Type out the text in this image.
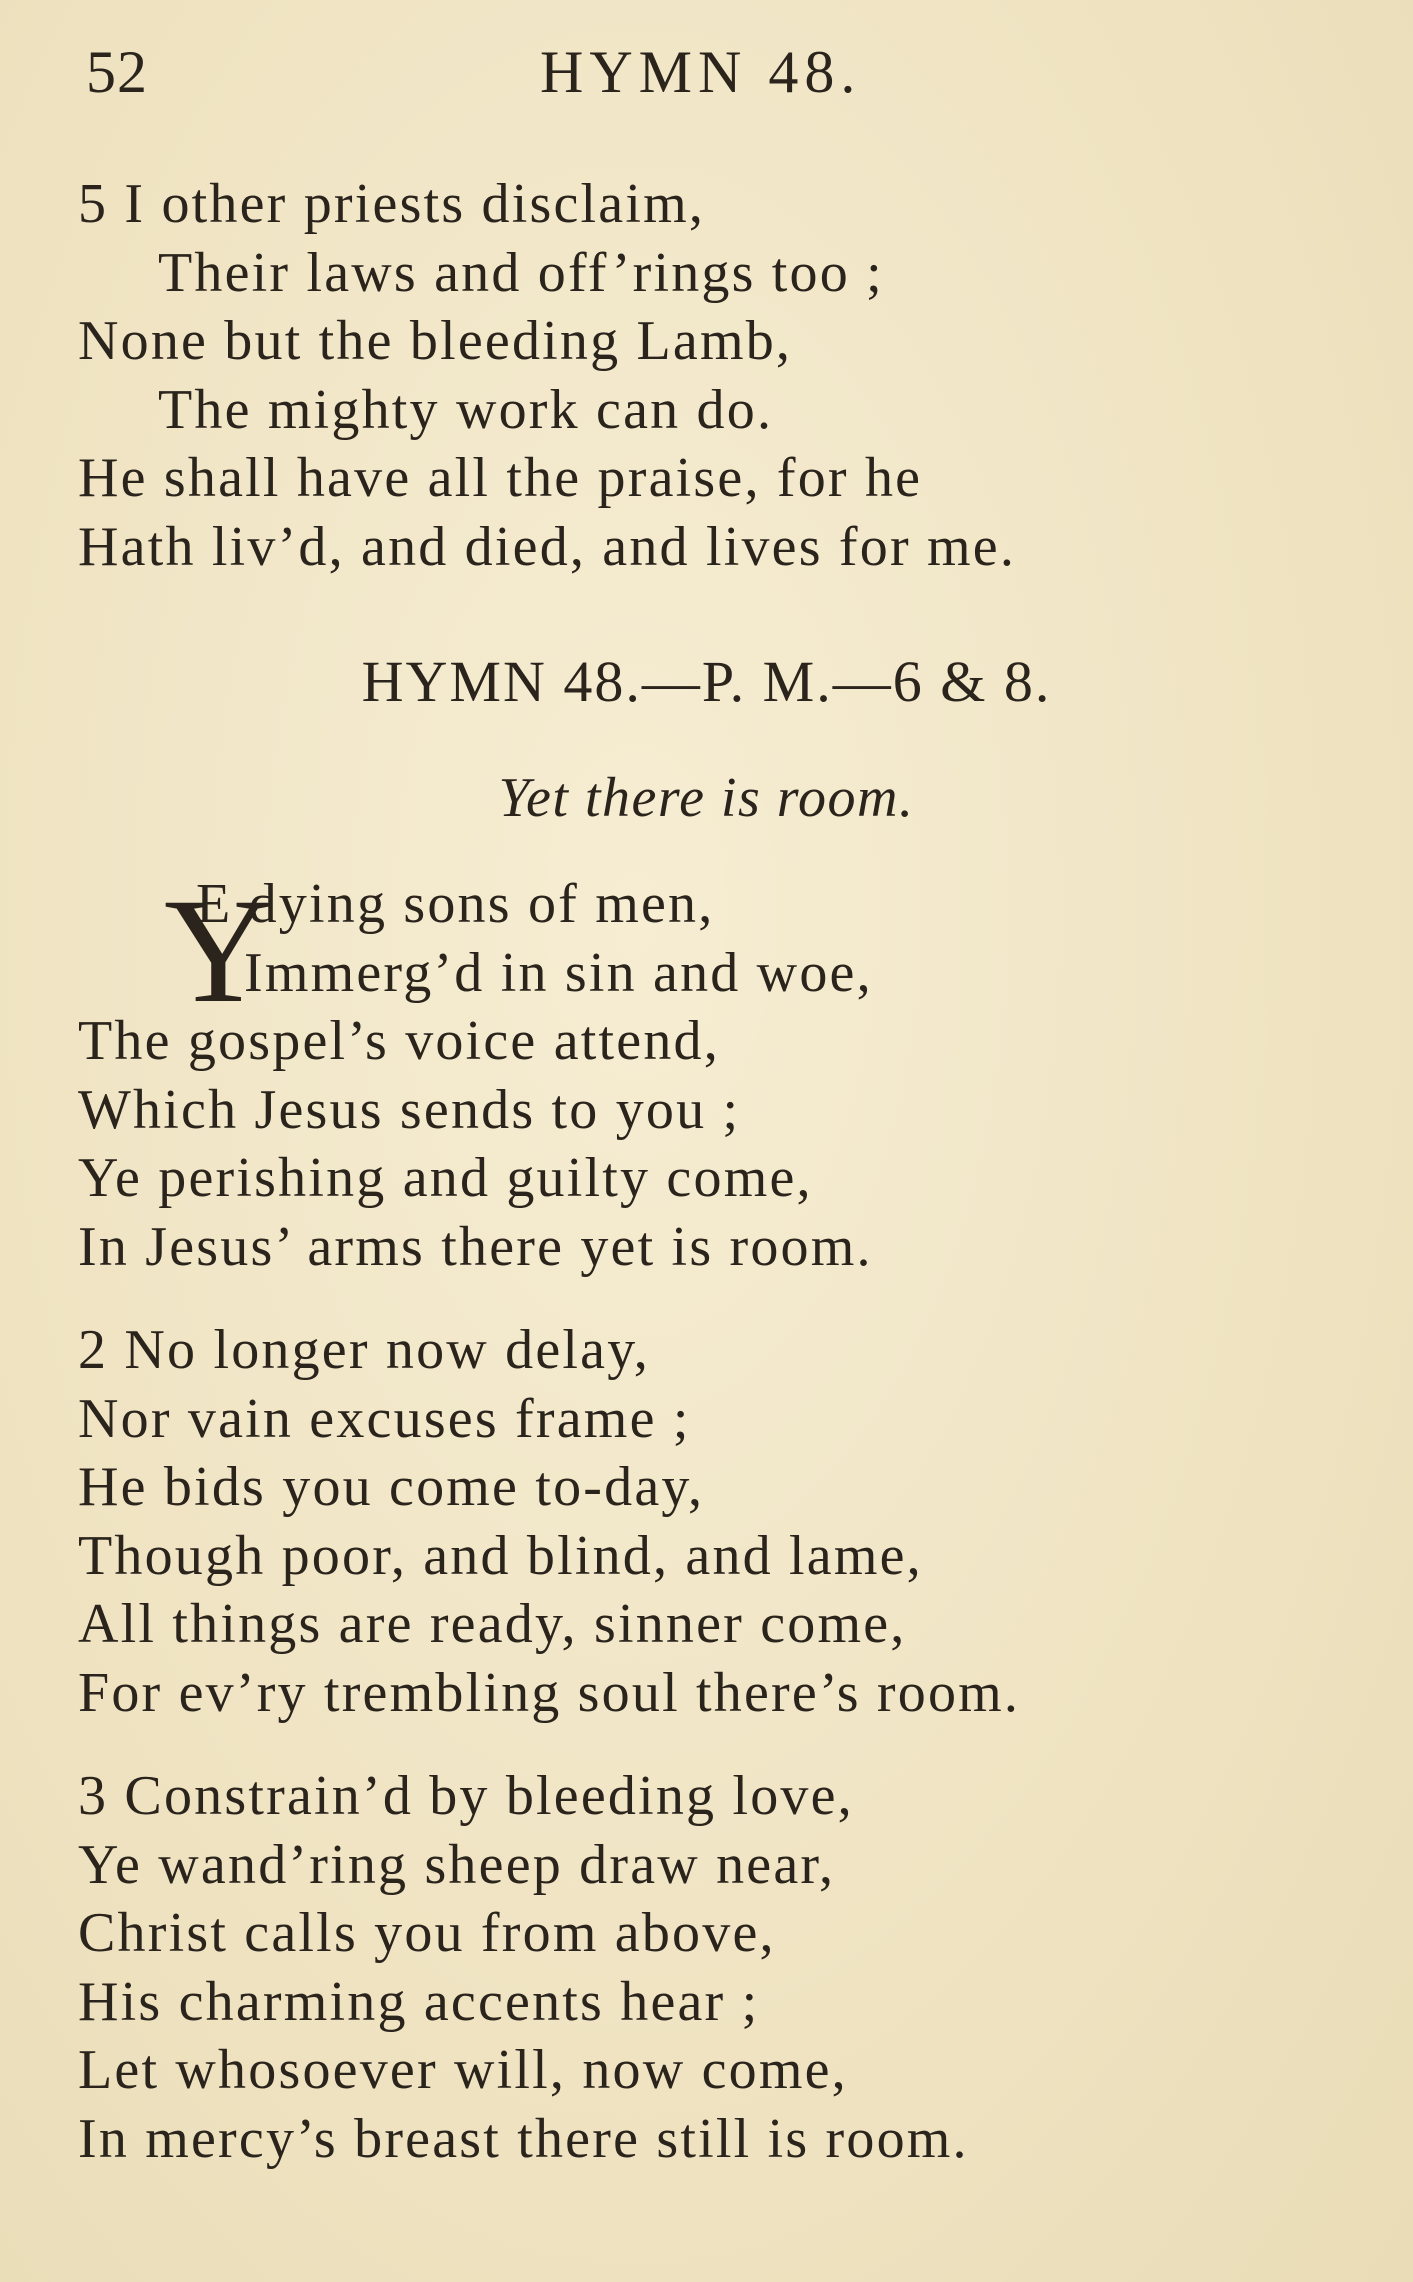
52	HYMN 48.
5 I other priests disclaim,
Their laws and off’rings too ;
None but the bleeding Lamb,
The mighty work can do.
He shall have all the praise, for he
Hath liv’d, and died, and lives for me.
HYMN 48.—P. M.—6 & 8.
Yet there is room.
Y
E dying sons of men,
Immerg’d in sin and woe,
The gospel’s voice attend,
Which Jesus sends to you ;
Ye perishing and guilty come,
In Jesus’ arms there yet is room.
2 No longer now delay,
Nor vain excuses frame ;
He bids you come to-day,
Though poor, and blind, and lame,
All things are ready, sinner come,
For ev’ry trembling soul there’s room.
3 Constrain’d by bleeding love,
Ye wand’ring sheep draw near,
Christ calls you from above,
His charming accents hear ;
Let whosoever will, now come,
In mercy’s breast there still is room.
